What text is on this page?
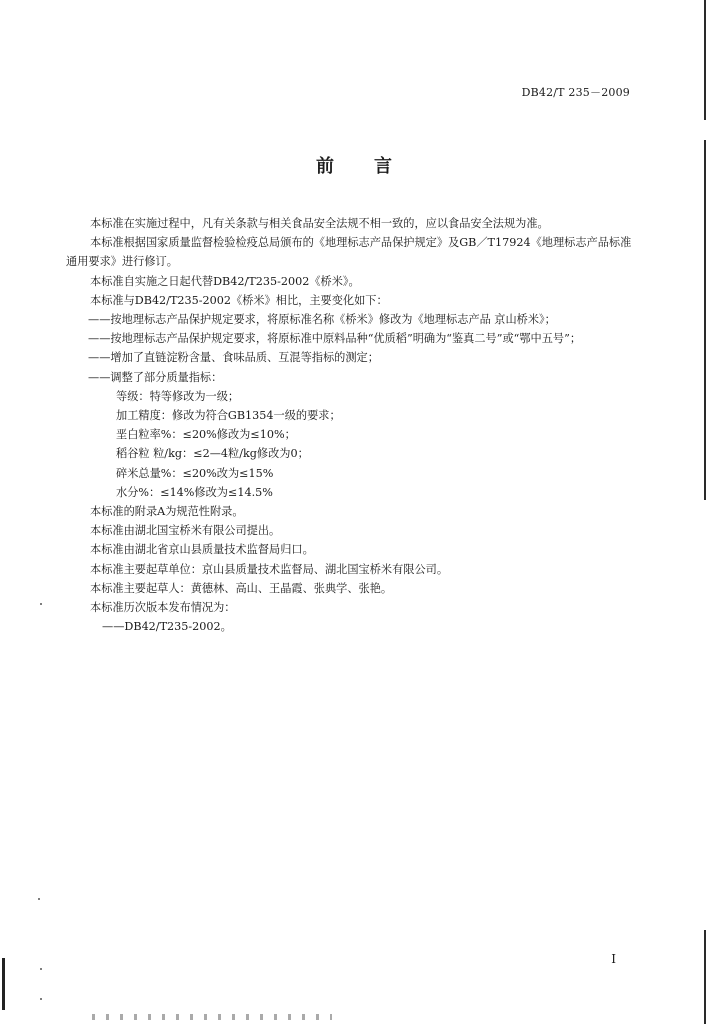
DB42/T 235－2009
前 言

本标准在实施过程中，凡有关条款与相关食品安全法规不相一致的，应以食品安全法规为准。

本标准根据国家质量监督检验检疫总局颁布的《地理标志产品保护规定》及GB／T17924《地理标志产品标准通用要求》进行修订。

本标准自实施之日起代替DB42/T235-2002《桥米》。

本标准与DB42/T235-2002《桥米》相比，主要变化如下：

——按地理标志产品保护规定要求，将原标准名称《桥米》修改为《地理标志产品 京山桥米》；

——按地理标志产品保护规定要求，将原标准中原料品种“优质稻”明确为“鉴真二号”或“鄂中五号”；

——增加了直链淀粉含量、食味品质、互混等指标的测定；

——调整了部分质量指标：

等级：特等修改为一级；

加工精度：修改为符合GB1354一级的要求；

垩白粒率%：≤20%修改为≤10%；

稻谷粒 粒/kg：≤2—4粒/kg修改为0；

碎米总量%：≤20%改为≤15%

水分%：≤14%修改为≤14.5%

本标准的附录A为规范性附录。

本标准由湖北国宝桥米有限公司提出。

本标准由湖北省京山县质量技术监督局归口。

本标准主要起草单位：京山县质量技术监督局、湖北国宝桥米有限公司。

本标准主要起草人：黄德林、高山、王晶霞、张典学、张艳。

本标准历次版本发布情况为：

——DB42/T235-2002。

I
